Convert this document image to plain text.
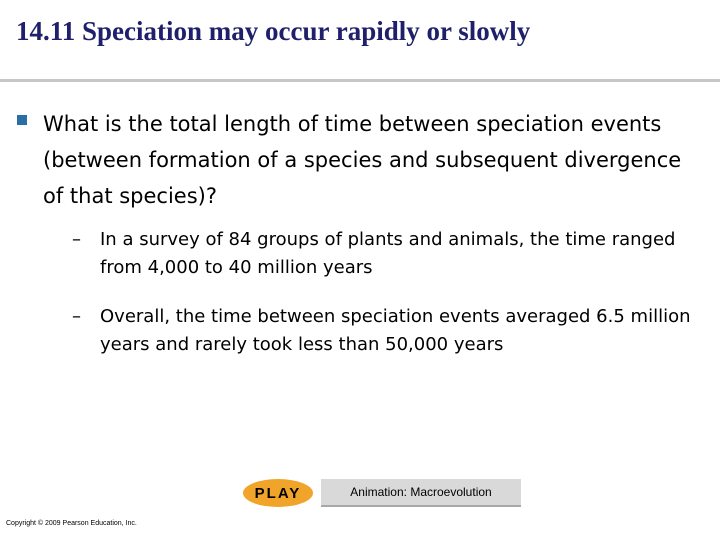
14.11 Speciation may occur rapidly or slowly
What is the total length of time between speciation events (between formation of a species and subsequent divergence of that species)?
– In a survey of 84 groups of plants and animals, the time ranged from 4,000 to 40 million years
– Overall, the time between speciation events averaged 6.5 million years and rarely took less than 50,000 years
PLAY	Animation: Macroevolution
Copyright © 2009 Pearson Education, Inc.
